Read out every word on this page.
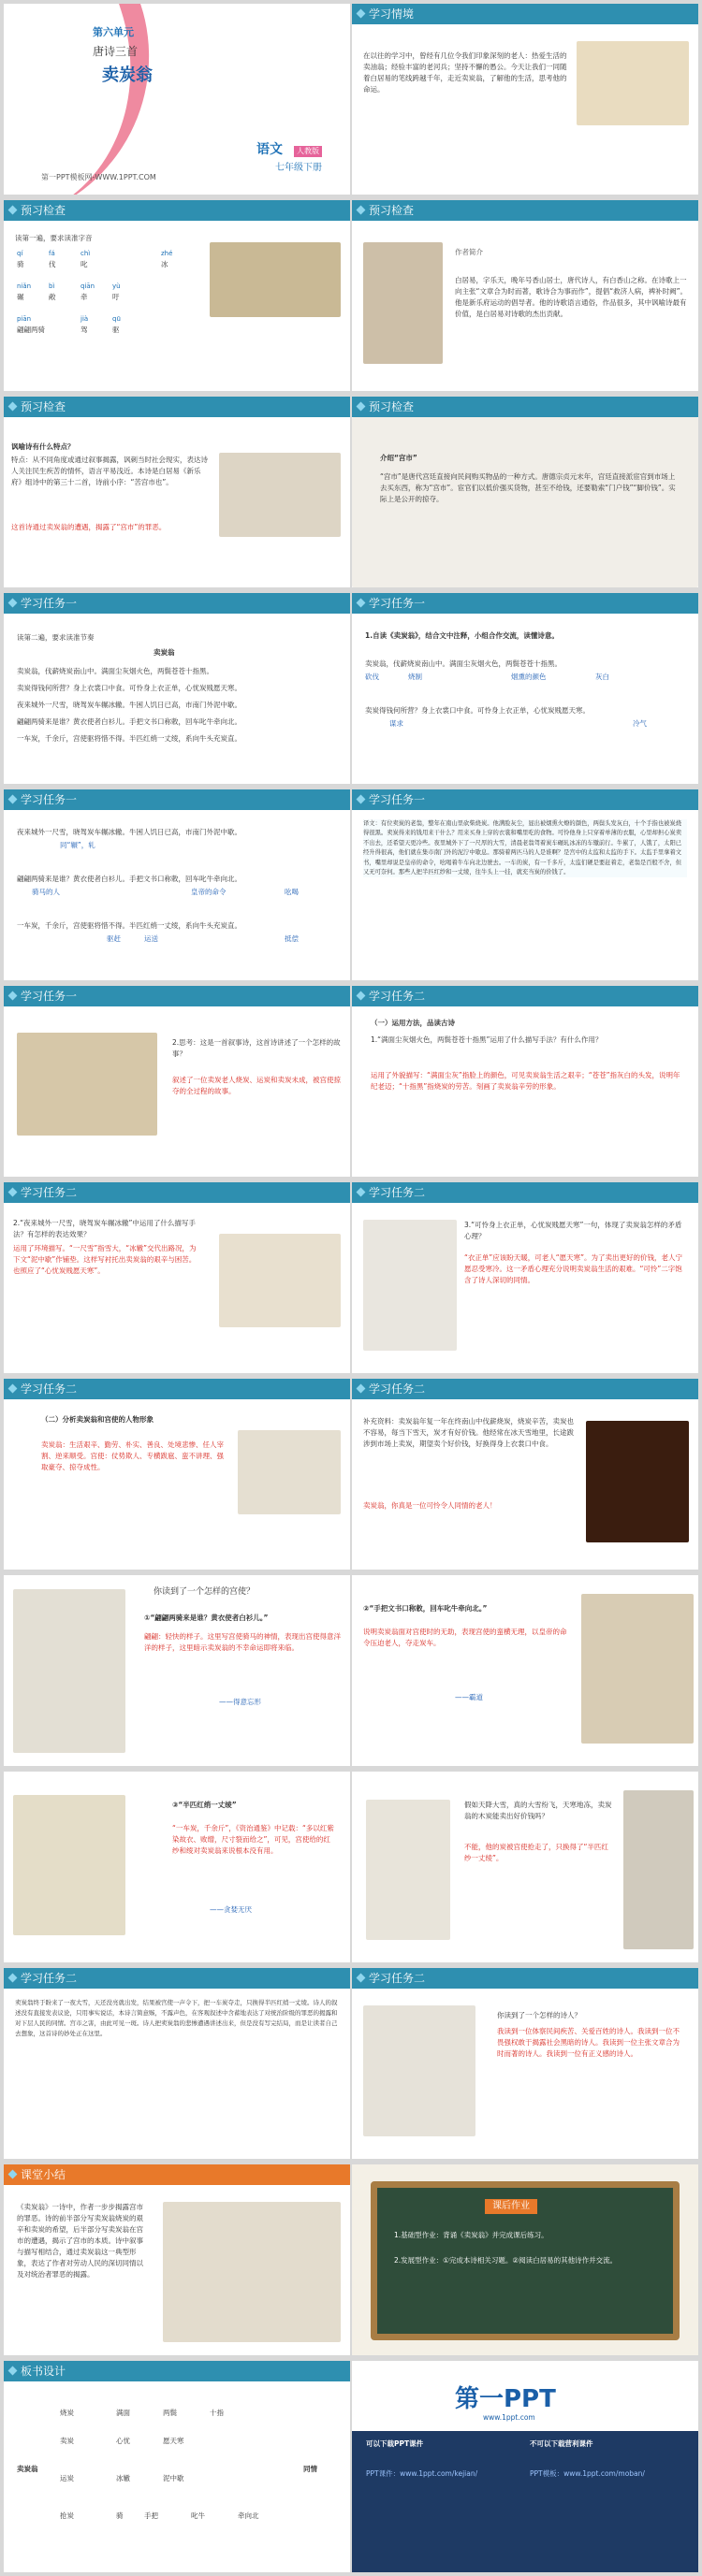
第六单元
唐诗三首
卖炭翁
语文	人教版
七年级下册
第一PPT模板网-WWW.1PPT.COM
学习情境
在以往的学习中，曾经有几位令我们印象深刻的老人：热爱生活的卖油翁；经验丰富的老河兵；坚持不懈的愚公。今天让我们一同随着白居易的笔线跨越千年，走近卖炭翁，了解他的生活，思考他的命运。
预习检查
读第一遍，要求读准字音
qí	fá	chì	zhé
骑	伐	叱	冰
niǎn	bì	qiān	yù
碾	敞	牵	吁
piān	jià	qū
翩翩两骑	驾	驱
预习检查
作者简介
白居易，字乐天，晚年号香山居士，唐代诗人，有白香山之称。在诗歌上一向主张“文章合为时而著，歌诗合为事而作”，提倡“救济人病，裨补时阙”。他是新乐府运动的倡导者。他的诗歌语言通俗，作品很多，其中讽喻诗最有价值，是白居易对诗歌的杰出贡献。
预习检查
讽喻诗有什么特点？
特点：从不同角度或通过叙事揭露，讽刺当时社会现实，表达诗人关注民生疾苦的情怀，语言平易浅近。本诗是白居易《新乐府》组诗中的第三十二首，诗前小序：“苦宫市也”。
这首诗通过卖炭翁的遭遇，揭露了“宫市”的罪恶。
预习检查
介绍“宫市”
“宫市”是唐代宫廷直接向民间购买物品的一种方式。唐德宗贞元末年，宫廷直接派宦官到市场上去买东西，称为“宫市”。宦官们以低价强买货物，甚至不给钱，还要勒索“门户钱”“脚价钱”。实际上是公开的掠夺。
学习任务一
读第二遍，要求读准节奏
卖炭翁
卖炭翁，伐薪烧炭南山中。满面尘灰烟火色，两鬓苍苍十指黑。
卖炭得钱何所营？身上衣裳口中食。可怜身上衣正单，心忧炭贱愿天寒。
夜来城外一尺雪，晓驾炭车辗冰辙。牛困人饥日已高，市南门外泥中歇。
翩翩两骑来是谁？黄衣使者白衫儿。手把文书口称敕，回车叱牛牵向北。
一车炭，千余斤，宫使驱将惜不得。半匹红绡一丈绫，系向牛头充炭直。
学习任务一
1.自读《卖炭翁》，结合文中注释，小组合作交流，读懂诗意。
卖炭翁，伐薪烧炭南山中。满面尘灰烟火色，两鬓苍苍十指黑。
砍伐	烧制	烟熏的颜色	灰白
卖炭得钱何所营？身上衣裳口中食。可怜身上衣正单，心忧炭贱愿天寒。
谋求	冷气
学习任务一
夜来城外一尺雪，晓驾炭车辗冰辙。牛困人饥日已高，市南门外泥中歇。
同“辗”，轧
翩翩两骑来是谁？黄衣使者白衫儿。手把文书口称敕，回车叱牛牵向北。
骑马的人	皇帝的命令	吆喝
一车炭，千余斤，宫使驱将惜不得。半匹红绡一丈绫，系向牛头充炭直。
驱赶	运送	抵偿
学习任务一
译文：有位卖炭的老翁，整年在南山里砍柴烧炭。他满脸灰尘，显出被烟熏火燎的颜色，两鬓头发灰白，十个手指也被炭烧得很黑。卖炭得来的钱用来干什么？用来买身上穿的衣裳和嘴里吃的食物。可怜他身上只穿着单薄的衣服，心里却担心炭卖不出去，还希望天更冷些。夜里城外下了一尺厚的大雪，清晨老翁驾着炭车碾轧冰冻的车辙前行。牛累了，人饿了，太阳已经升得很高，他们就在集市南门外的泥泞中歇息。那骑着两匹马的人是谁啊？是宫中的太监和太监的手下。太监手里拿着文书，嘴里却说是皇帝的命令，吆喝着牛车向北边驶去。一车的炭，有一千多斤，太监们硬是要赶着走，老翁是百般不舍，但又无可奈何。那些人把半匹红纱和一丈绫，往牛头上一挂，就充当炭的价钱了。
学习任务一
2.思考：这是一首叙事诗，这首诗讲述了一个怎样的故事？
叙述了一位卖炭老人烧炭、运炭和卖炭未成，被宫使掠夺的全过程的故事。
学习任务二
（一）运用方法，品读古诗
1.“满面尘灰烟火色，两鬓苍苍十指黑”运用了什么描写手法？有什么作用？
运用了外貌描写：“满面尘灰”指脸上的颜色，可见卖炭翁生活之艰辛；“苍苍”指灰白的头发，说明年纪老迈；“十指黑”指烧炭的劳苦。刻画了卖炭翁辛劳的形象。
学习任务二
2.“夜来城外一尺雪，晓驾炭车辗冰辙”中运用了什么描写手法？有怎样的表达效果？
运用了环境描写。“一尺雪”指雪大，“冰辙”交代出路况，为下文“泥中歇”作铺垫。这样写衬托出卖炭翁的艰辛与困苦。也照应了“心忧炭贱愿天寒”。
学习任务二
3.“可怜身上衣正单，心忧炭贱愿天寒”一句，体现了卖炭翁怎样的矛盾心理？
“衣正单”应该盼天暖，可老人“愿天寒”。为了卖出更好的价钱，老人宁愿忍受寒冷。这一矛盾心理充分说明卖炭翁生活的艰难。“可怜”二字饱含了诗人深切的同情。
学习任务二
（二）分析卖炭翁和宫使的人物形象
卖炭翁：生活艰辛、勤劳、朴实、善良、处境悲惨、任人宰割、逆来顺受。宫使：仗势欺人、专横跋扈、蛮不讲理、强取豪夺、掠夺成性。
学习任务二
补充资料：卖炭翁年复一年在终南山中伐薪烧炭，烧炭辛苦，卖炭也不容易，每当下雪天，炭才有好价钱。他经常在冰天雪地里，长途跋涉到市场上卖炭，期望卖个好价钱，好换得身上衣裳口中食。
卖炭翁，你真是一位可怜令人同情的老人！
你读到了一个怎样的宫使？
①“翩翩两骑来是谁？黄衣使者白衫儿。”
翩翩：轻快的样子。这里写宫使骑马的神情，表现出宫使得意洋洋的样子，这里暗示卖炭翁的不幸命运即将来临。
——得意忘形
②“手把文书口称敕，回车叱牛牵向北。”
说明卖炭翁面对宫使时的无助，表现宫使的蛮横无理，以皇帝的命令压迫老人，夺走炭车。
——霸道
③“半匹红绡一丈绫”
“一车炭，千余斤”，《资治通鉴》中记载：“多以红紫染故衣、败缯，尺寸裂而给之”，可见，宫使给的红纱和绫对卖炭翁来说根本没有用。
——贪婪无厌
假如天降大雪，真的大雪纷飞，天寒地冻，卖炭翁的木炭能卖出好价钱吗？
不能，他的炭被宫使抢走了，只换得了“半匹红纱一丈绫”。
学习任务二
卖炭翁终于盼来了一夜大雪，天还没亮就出发，结果被宫使一声令下，把一车炭夺走，只换得半匹红绡一丈绫。诗人的叙述没有直接发表议论，只用事实说话，本诗言简意赅，不露声色，在客观叙述中含蓄地表达了对统治阶级的罪恶的揭露和对下层人民的同情。宫市之害，由此可见一斑。诗人把卖炭翁的悲惨遭遇讲述出来，但是没有写完结局，而是让读者自己去想象，这首诗的妙处正在这里。
学习任务二
你读到了一个怎样的诗人？
我读到一位体察民间疾苦、关爱百姓的诗人。我读到一位不畏强权敢于揭露社会黑暗的诗人。我读到一位主张文章合为时而著的诗人。我读到一位有正义感的诗人。
课堂小结
《卖炭翁》一诗中，作者一步步揭露宫市的罪恶。诗的前半部分写卖炭翁烧炭的艰辛和卖炭的希望，后半部分写卖炭翁在宫市的遭遇，揭示了宫市的本质。诗中叙事与描写相结合，通过卖炭翁这一典型形象，表达了作者对劳动人民的深切同情以及对统治者罪恶的揭露。
课后作业
1.基础型作业：背诵《卖炭翁》并完成课后练习。
2.发展型作业：①完成本诗相关习题。②阅读白居易的其他诗作并交流。
板书设计
卖炭翁	同情
烧炭	满面	两鬓	十指
卖炭	心忧	愿天寒
运炭	冰辙	泥中歇
抢炭	骑	手把	叱牛	牵向北
第一PPT
www.1ppt.com
可以下载PPT课件	不可以下载营利课件
PPT课件：www.1ppt.com/kejian/	PPT模板：www.1ppt.com/moban/
